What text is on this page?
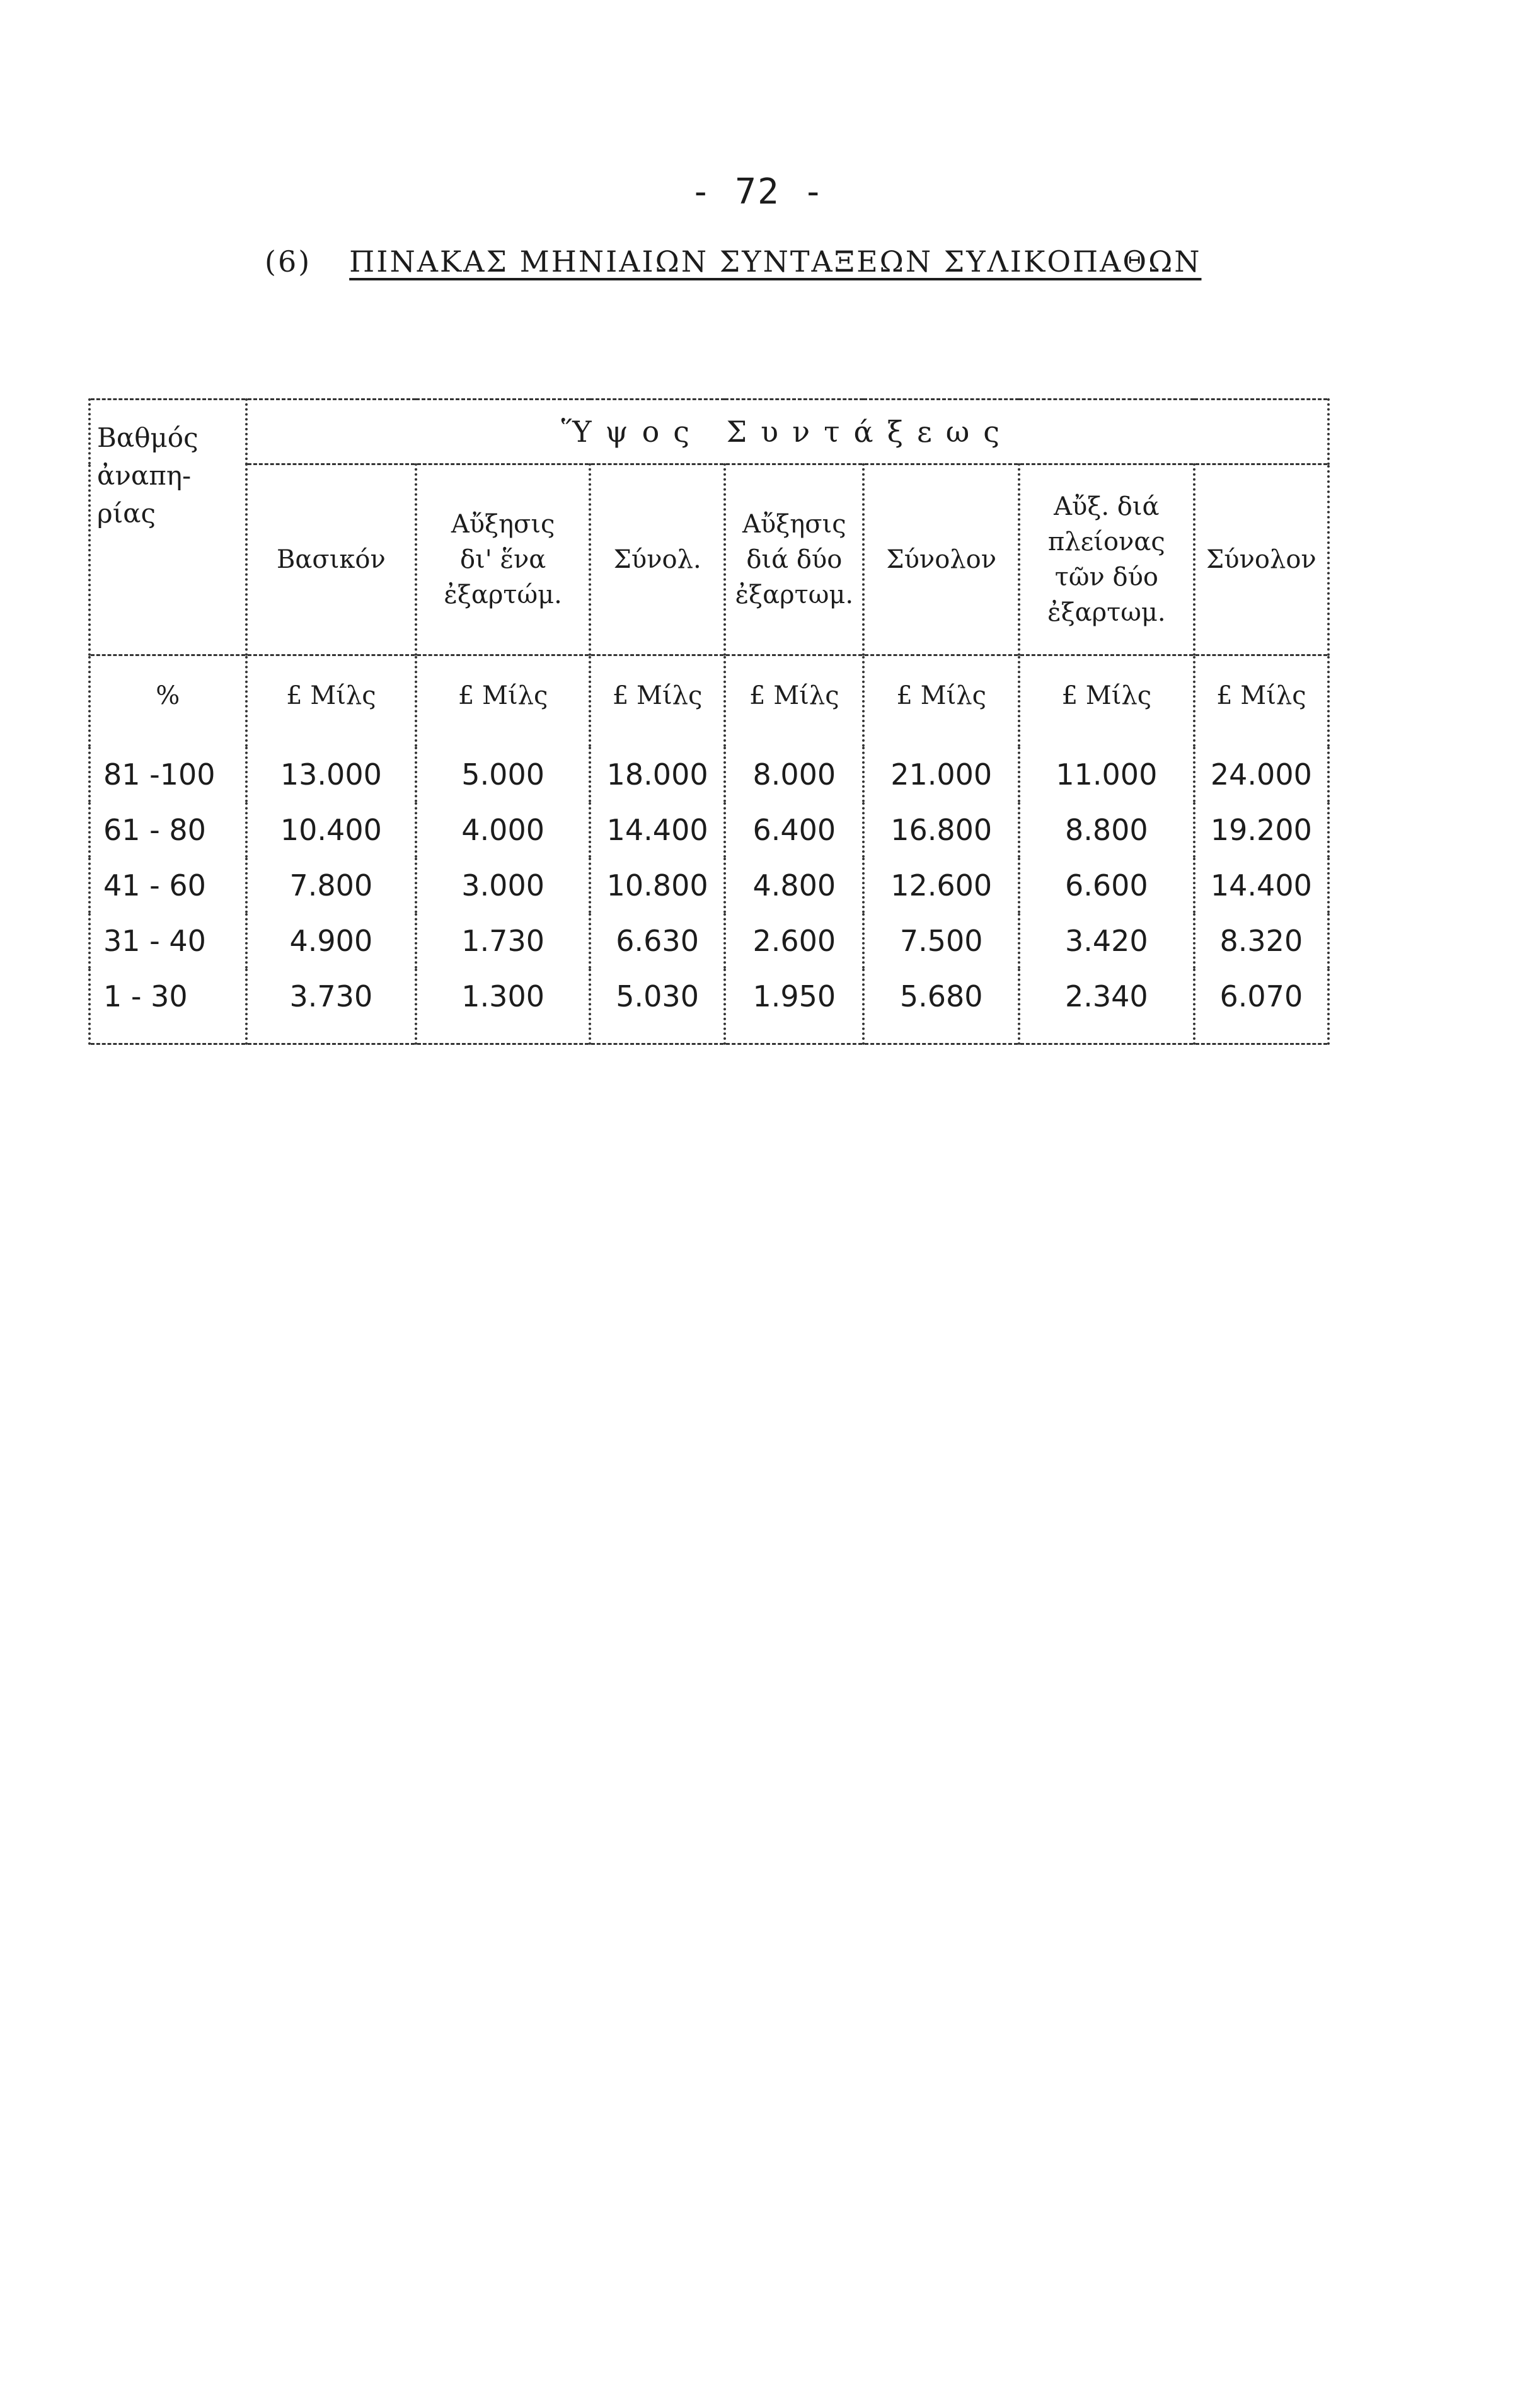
- 72 -
(6) ΠΙΝΑΚΑΣ ΜΗΝΙΑΙΩΝ ΣΥΝΤΑΞΕΩΝ ΣΥΛΙΚΟΠΑΘΩΝ
Βαθμός
ἀναπη-
ρίας	Ὕψος Συντάξεως						

	Βασικόν	Αὔξησις
δι' ἕνα
ἐξαρτώμ.	Σύνολ.	Αὔξησις
διά δύο
ἐξαρτωμ.	Σύνολον	Αὔξ. διά
πλείονας
τῶν δύο
ἐξαρτωμ.	Σύνολον

%	£ Μίλς	£ Μίλς	£ Μίλς	£ Μίλς	£ Μίλς	£ Μίλς	£ Μίλς
81 -100	13.000	5.000	18.000	8.000	21.000	11.000	24.000
61 - 80	10.400	4.000	14.400	6.400	16.800	8.800	19.200
41 - 60	7.800	3.000	10.800	4.800	12.600	6.600	14.400
31 - 40	4.900	1.730	6.630	2.600	7.500	3.420	8.320
1 - 30	3.730	1.300	5.030	1.950	5.680	2.340	6.070
